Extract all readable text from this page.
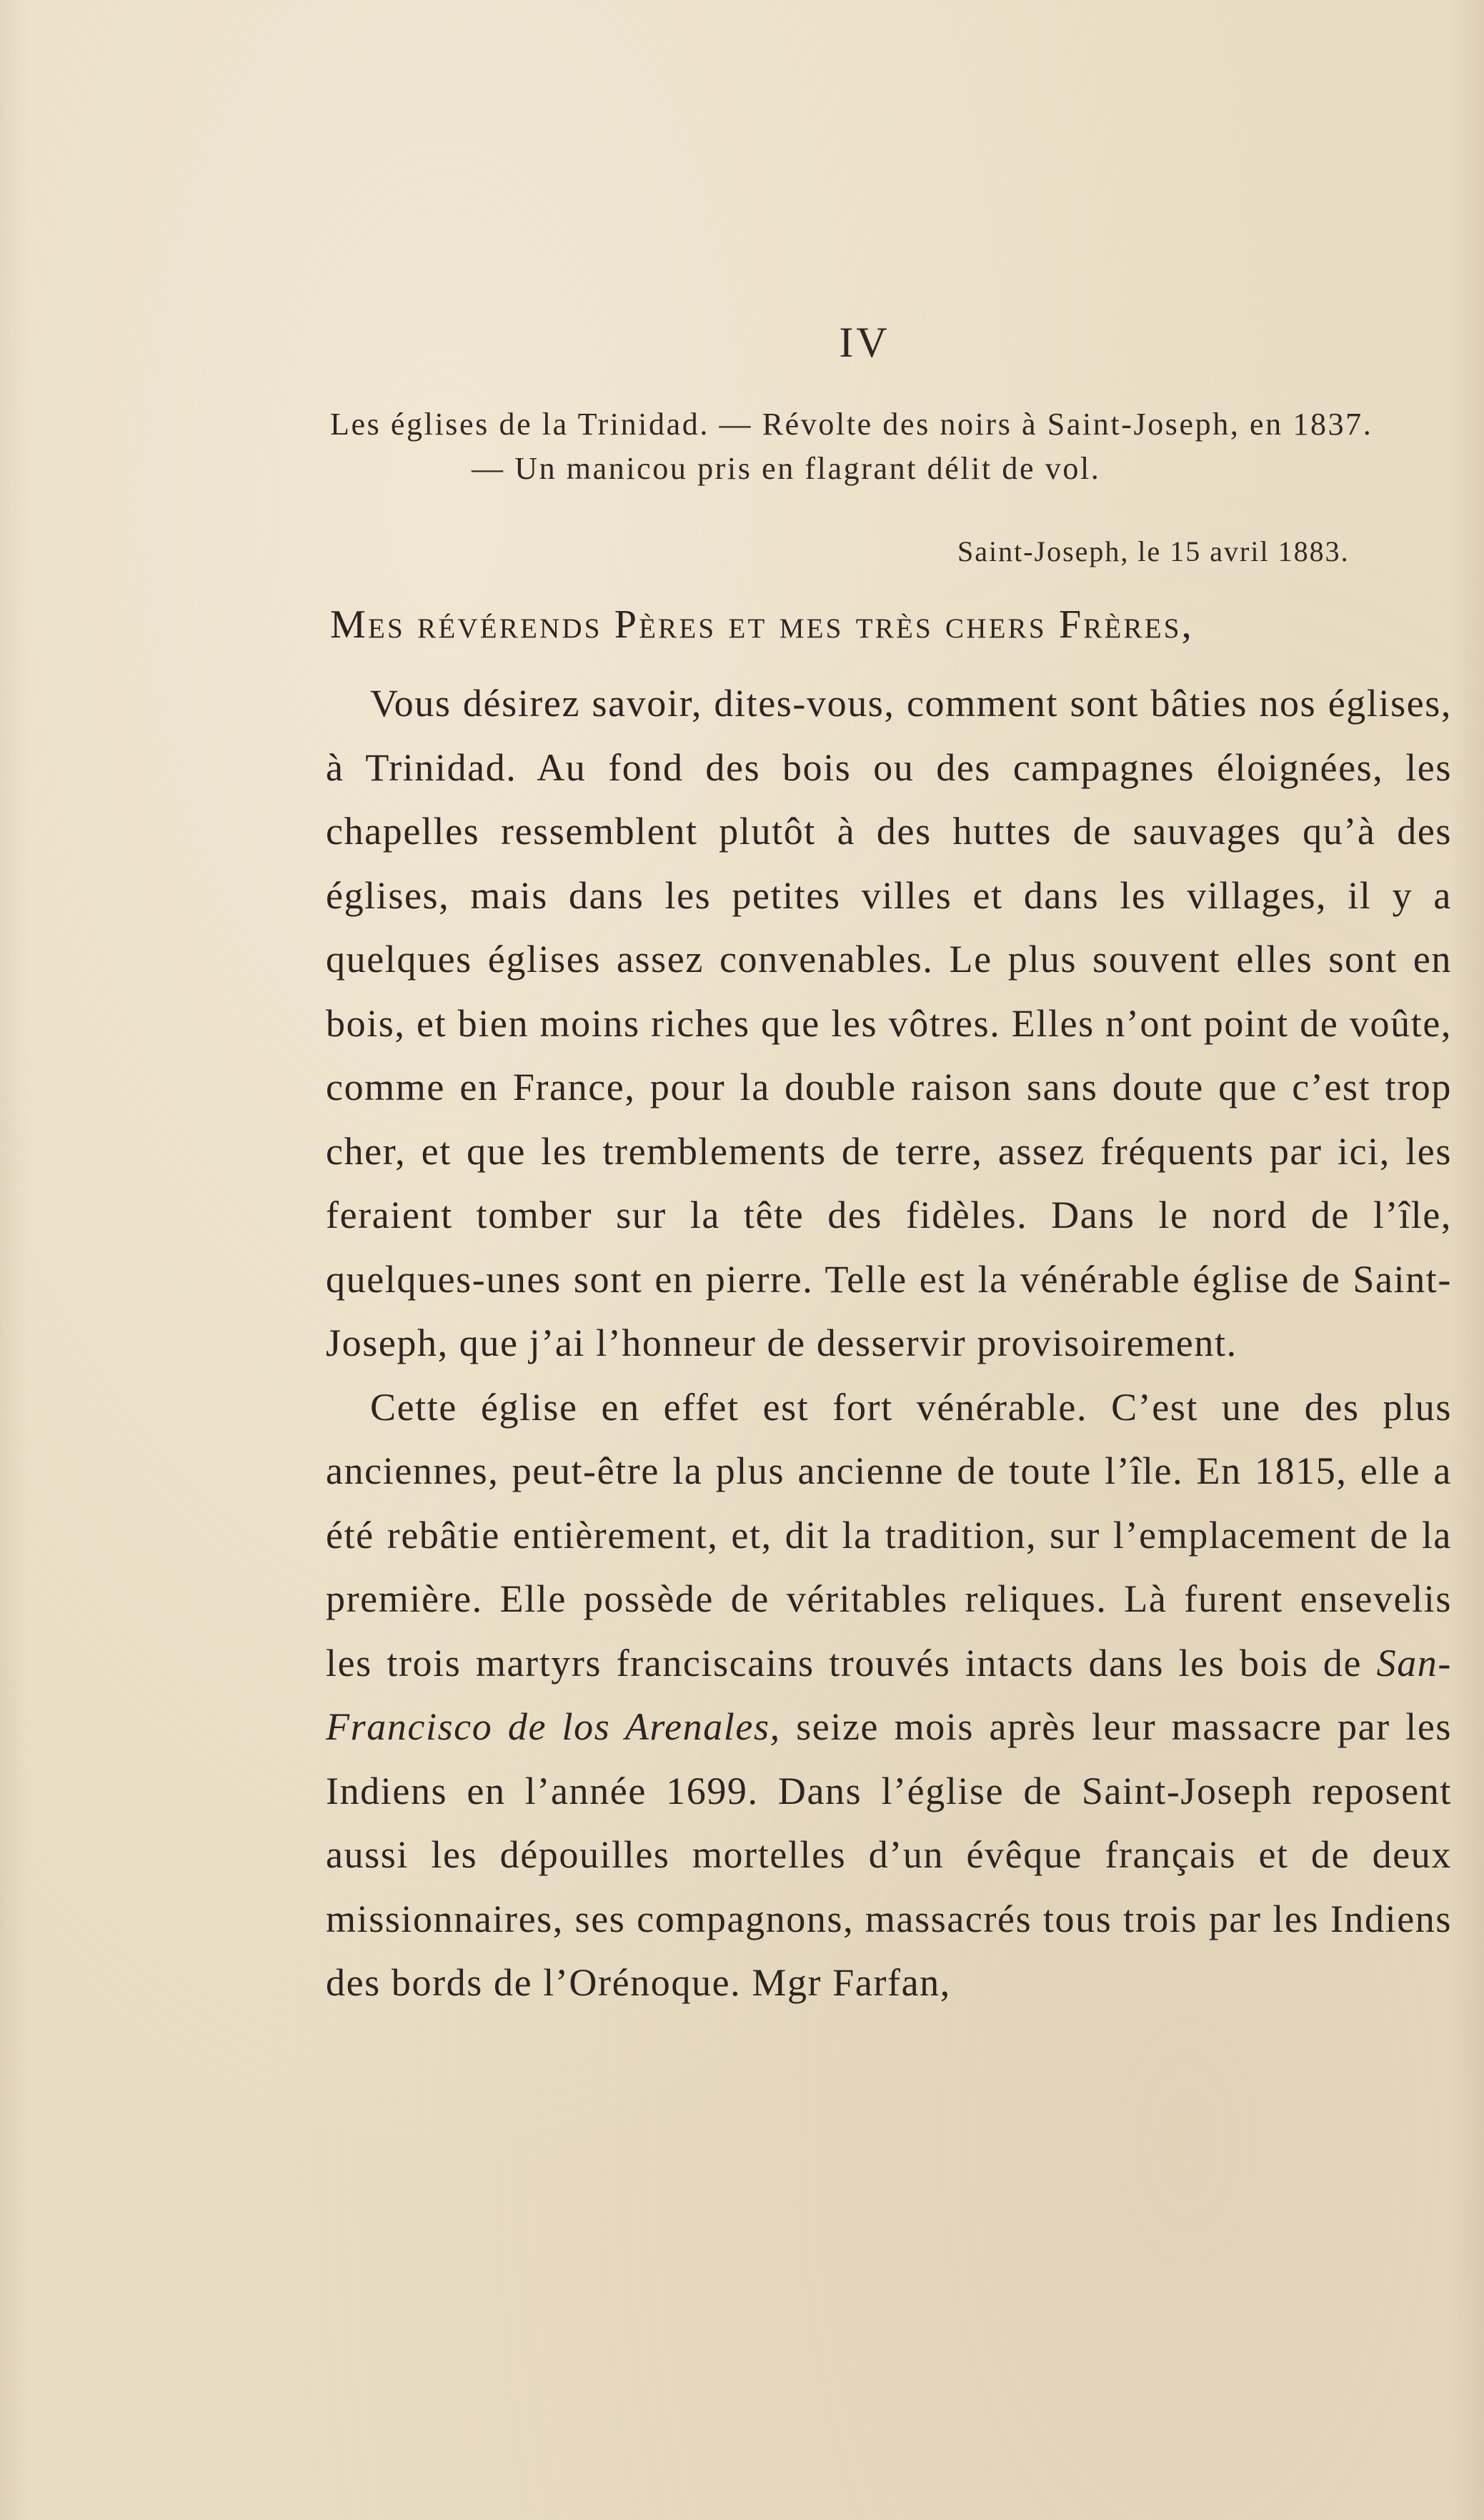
IV
Les églises de la Trinidad. — Révolte des noirs à Saint-Joseph, en 1837.
— Un manicou pris en flagrant délit de vol.
Saint-Joseph, le 15 avril 1883.
Mes révérends Pères et mes très chers Frères,

Vous désirez savoir, dites-vous, comment sont bâties nos églises, à Trinidad. Au fond des bois ou des campagnes éloignées, les chapelles ressemblent plutôt à des huttes de sauvages qu’à des églises, mais dans les petites villes et dans les villages, il y a quelques églises assez convenables. Le plus souvent elles sont en bois, et bien moins riches que les vôtres. Elles n’ont point de voûte, comme en France, pour la double raison sans doute que c’est trop cher, et que les tremblements de terre, assez fréquents par ici, les feraient tomber sur la tête des fidèles. Dans le nord de l’île, quelques-unes sont en pierre. Telle est la vénérable église de Saint-Joseph, que j’ai l’honneur de desservir provisoirement.

Cette église en effet est fort vénérable. C’est une des plus anciennes, peut-être la plus ancienne de toute l’île. En 1815, elle a été rebâtie entièrement, et, dit la tradition, sur l’emplacement de la première. Elle possède de véritables reliques. Là furent ensevelis les trois martyrs franciscains trouvés intacts dans les bois de San-Francisco de los Arenales, seize mois après leur massacre par les Indiens en l’année 1699. Dans l’église de Saint-Joseph reposent aussi les dépouilles mortelles d’un évêque français et de deux missionnaires, ses compagnons, massacrés tous trois par les Indiens des bords de l’Orénoque. Mgr Farfan,
